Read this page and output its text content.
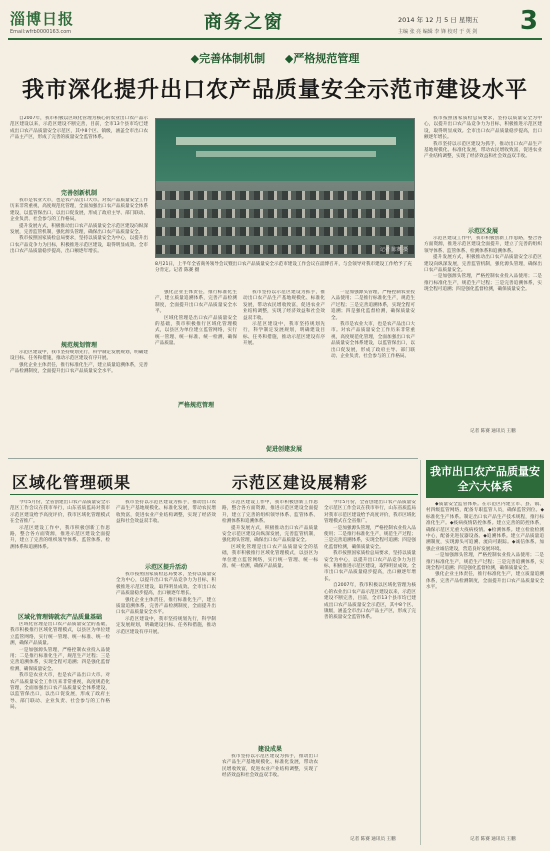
淄博日报
Email:wfrb0000163.com	商务之窗	2014 年 12 月 5 日 星期五
主编 张 亮 编辑 李 锋 校对 于 英 剑 3
◆完善体制机制 ◆严格规范管理
我市深化提升出口农产品质量安全示范市建设水平

自2007年，我市积极以区域化管理为核心的农业出口农产品示范区建设以来，示范区建设不断完善，目前，全市13个县市均已建成出口农产品质量安全示范区，其中8个区、镇级，涵盖全市出口农产品主产区，形成了完善的质量安全监管体系。

完善创新机制

我市是农业大市，也是农产品出口大市。对农产品质量安全工作历来非常重视，高度规范化管理，全面加强出口农产品质量安全体系建设，以监管保出口，以出口促发展，形成了政府主导、部门联动、企业负责、社会参与的工作格局。

提升发展方式，积极推动出口农产品质量安全示范区建设向纵深发展，完善监管机制，强化源头管理，确保出口农产品质量安全。

我市按照国家质检总局要求，坚持以质量安全为中心，以提升出口农产品竞争力为目标，积极推进示范区建设，取得明显成效。全市出口农产品质量稳步提高，出口额逐年增长。

规范规划管理

示范区建设中，我市坚持规划先行，科学制定发展规划，明确建设目标、任务和措施，推动示范区建设有序开展。

强化企业主体责任，推行标准化生产，建立质量追溯体系，完善产品检测制度，全面提升出口农产品质量安全水平。

记者 陈赛 摄
8月21日，上半年全省商务领导会议暨出口农产品质量安全示范市建设工作会议在淄博召开，与会领导对我市建设工作给予了充分肯定。记者 陈赛 摄

我市按照国家质检总局要求，坚持以质量安全为中心，以提升出口农产品竞争力为目标，积极推进示范区建设，取得明显成效。全市出口农产品质量稳步提高，出口额逐年增长。

我市坚持以示范区建设为抓手，推动出口农产品生产基地规模化、标准化发展，带动农民增收致富，促进农业产业结构调整，实现了经济效益和社会效益双丰收。

示范区发展

示范区建设工作中，我市积极创新工作思路，整合各方面资源，推进示范区建设全面提升，建立了完善的组织领导体系、监管体系、检测体系和追溯体系。

提升发展方式，积极推动出口农产品质量安全示范区建设向纵深发展，完善监管机制，强化源头管理，确保出口农产品质量安全。

一是加强源头管理，严格控制农业投入品使用；二是推行标准化生产，规范生产过程；三是完善追溯体系，实现全程可追溯；四是强化监督检测，确保质量安全。

记者 陈赛 通讯员 王鹏

强化企业主体责任，推行标准化生产，建立质量追溯体系，完善产品检测制度，全面提升出口农产品质量安全水平。

区域化管理是出口农产品质量安全的基础，我市积极推行区域化管理模式，以县区为单位建立监管网络，实行统一管理、统一标准、统一检测，确保产品质量。

严格规范管理

我市坚持以示范区建设为抓手，推动出口农产品生产基地规模化、标准化发展，带动农民增收致富，促进农业产业结构调整，实现了经济效益和社会效益双丰收。

示范区建设中，我市坚持规划先行，科学制定发展规划，明确建设目标、任务和措施，推动示范区建设有序开展。

促进创建发展

一是加强源头管理，严格控制农业投入品使用；二是推行标准化生产，规范生产过程；三是完善追溯体系，实现全程可追溯；四是强化监督检测，确保质量安全。

我市是农业大市，也是农产品出口大市。对农产品质量安全工作历来非常重视，高度规范化管理，全面加强出口农产品质量安全体系建设，以监管保出口，以出口促发展，形成了政府主导、部门联动、企业负责、社会参与的工作格局。

区域化管理硕果	示范区建设展精彩
我市出口农产品质量安全六大体系

◆质量安全监管体系。在示范区内建立市、县、镇、村四级监管网络，配备专职监管人员，确保监管到位。◆标准化生产体系。制定出口农产品生产技术规程，推行标准化生产。◆疫病疫情防控体系。建立完善的防控体系，确保示范区无重大疫病疫情。◆检测体系。建立检验检测中心，配备先进仪器设备。◆追溯体系。建立产品质量追溯制度，实现源头可追溯、流向可跟踪。◆诚信体系。加强企业诚信建设，营造良好发展环境。

一是加强源头管理，严格控制农业投入品使用；二是推行标准化生产，规范生产过程；三是完善追溯体系，实现全程可追溯；四是强化监督检测，确保质量安全。

强化企业主体责任，推行标准化生产，建立质量追溯体系，完善产品检测制度，全面提升出口农产品质量安全水平。

记者 陈赛 通讯员 王鹏

今年5月份，全省创建出口农产品质量安全示范区工作会议在我市举行，山东省质监局对我市示范区建设给予高度评价，我市区域化管理模式在全省推广。

示范区建设工作中，我市积极创新工作思路，整合各方面资源，推进示范区建设全面提升，建立了完善的组织领导体系、监管体系、检测体系和追溯体系。

区域化管理铸就农产品质量基础

区域化管理是出口农产品质量安全的基础，我市积极推行区域化管理模式，以县区为单位建立监管网络，实行统一管理、统一标准、统一检测，确保产品质量。

一是加强源头管理，严格控制农业投入品使用；二是推行标准化生产，规范生产过程；三是完善追溯体系，实现全程可追溯；四是强化监督检测，确保质量安全。

我市是农业大市，也是农产品出口大市。对农产品质量安全工作历来非常重视，高度规范化管理，全面加强出口农产品质量安全体系建设，以监管保出口，以出口促发展，形成了政府主导、部门联动、企业负责、社会参与的工作格局。

我市坚持以示范区建设为抓手，推动出口农产品生产基地规模化、标准化发展，带动农民增收致富，促进农业产业结构调整，实现了经济效益和社会效益双丰收。

示范区提升活动

我市按照国家质检总局要求，坚持以质量安全为中心，以提升出口农产品竞争力为目标，积极推进示范区建设，取得明显成效。全市出口农产品质量稳步提高，出口额逐年增长。

强化企业主体责任，推行标准化生产，建立质量追溯体系，完善产品检测制度，全面提升出口农产品质量安全水平。

示范区建设中，我市坚持规划先行，科学制定发展规划，明确建设目标、任务和措施，推动示范区建设有序开展。

示范区建设工作中，我市积极创新工作思路，整合各方面资源，推进示范区建设全面提升，建立了完善的组织领导体系、监管体系、检测体系和追溯体系。

提升发展方式，积极推动出口农产品质量安全示范区建设向纵深发展，完善监管机制，强化源头管理，确保出口农产品质量安全。

区域化管理是出口农产品质量安全的基础，我市积极推行区域化管理模式，以县区为单位建立监管网络，实行统一管理、统一标准、统一检测，确保产品质量。

建设成果

我市坚持以示范区建设为抓手，推动出口农产品生产基地规模化、标准化发展，带动农民增收致富，促进农业产业结构调整，实现了经济效益和社会效益双丰收。

今年5月份，全省创建出口农产品质量安全示范区工作会议在我市举行，山东省质监局对我市示范区建设给予高度评价，我市区域化管理模式在全省推广。

一是加强源头管理，严格控制农业投入品使用；二是推行标准化生产，规范生产过程；三是完善追溯体系，实现全程可追溯；四是强化监督检测，确保质量安全。

我市按照国家质检总局要求，坚持以质量安全为中心，以提升出口农产品竞争力为目标，积极推进示范区建设，取得明显成效。全市出口农产品质量稳步提高，出口额逐年增长。

自2007年，我市积极以区域化管理为核心的农业出口农产品示范区建设以来，示范区建设不断完善，目前，全市13个县市均已建成出口农产品质量安全示范区，其中8个区、镇级，涵盖全市出口农产品主产区，形成了完善的质量安全监管体系。

记者 陈赛 通讯员 王鹏
